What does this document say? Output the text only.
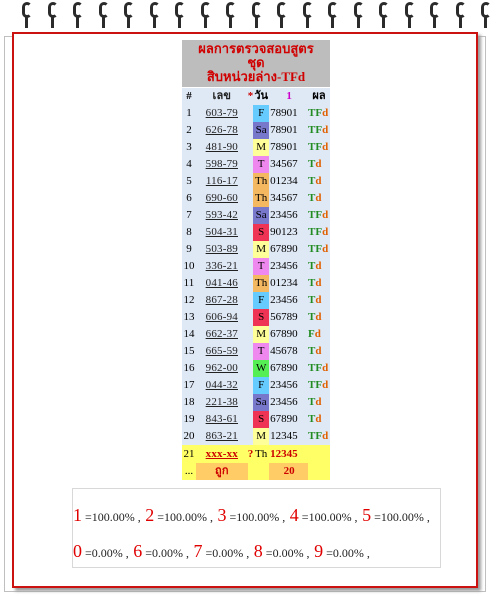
ผลการตรวจสอบสูตร
ชุด
สิบหน่วยล่าง-TFd
#	เลข	*	วัน	1	ผล
1	603-79		F	78901	TFd
2	626-78		Sa	78901	TFd
3	481-90		M	78901	TFd
4	598-79		T	34567	Td
5	116-17		Th	01234	Td
6	690-60		Th	34567	Td
7	593-42		Sa	23456	TFd
8	504-31		S	90123	TFd
9	503-89		M	67890	TFd
10	336-21		T	23456	Td
11	041-46		Th	01234	Td
12	867-28		F	23456	Td
13	606-94		S	56789	Td
14	662-37		M	67890	Fd
15	665-59		T	45678	Td
16	962-00		W	67890	TFd
17	044-32		F	23456	TFd
18	221-38		Sa	23456	Td
19	843-61		S	67890	Td
20	863-21		M	12345	TFd
21	xxx-xx	?	Th	12345	
...	ถูก			20	
1 =100.00% , 2 =100.00% , 3 =100.00% , 4 =100.00% , 5 =100.00% ,
0 =0.00% , 6 =0.00% , 7 =0.00% , 8 =0.00% , 9 =0.00% ,
